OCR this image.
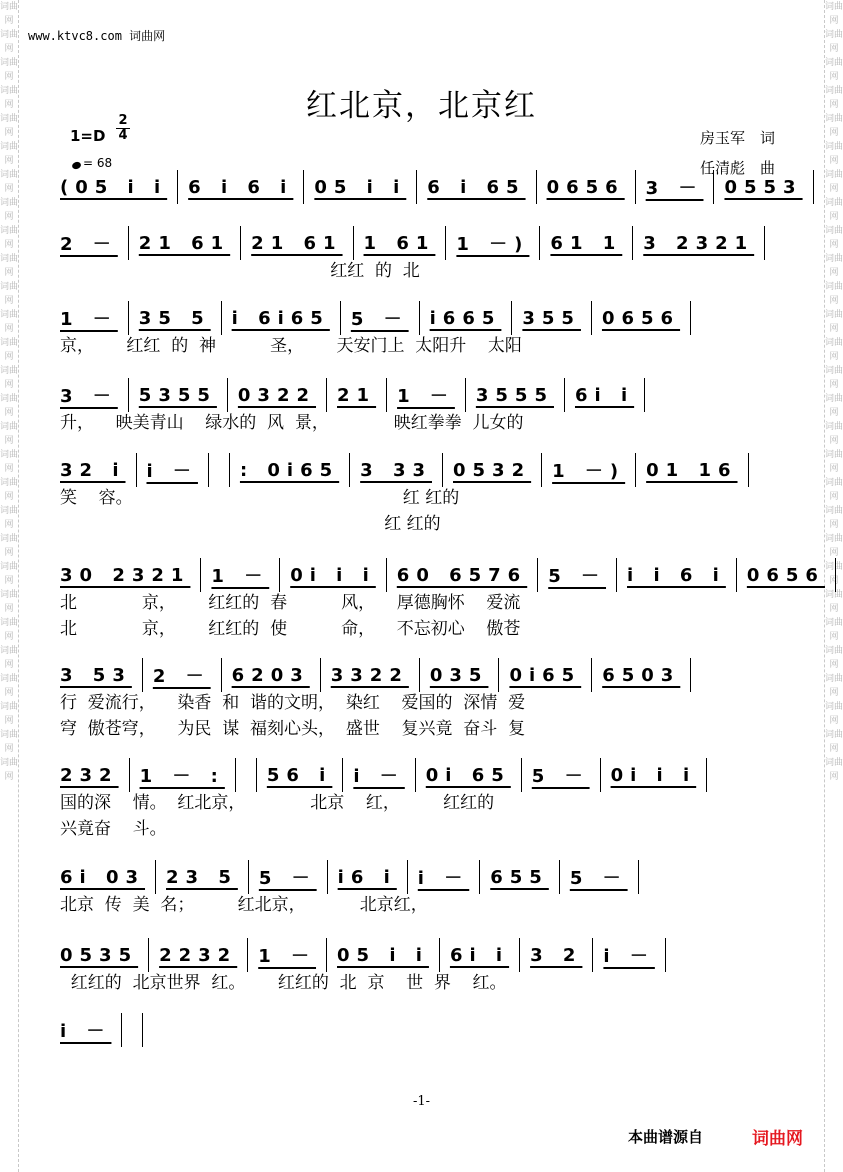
词曲网
词曲网
词曲网
词曲网
词曲网
词曲网
词曲网
词曲网
词曲网
词曲网
词曲网
词曲网
词曲网
词曲网
词曲网
词曲网
词曲网
词曲网
词曲网
词曲网
词曲网
词曲网
词曲网
词曲网
词曲网
词曲网
词曲网
词曲网
词曲网
词曲网
词曲网
词曲网
词曲网
词曲网
词曲网
词曲网
词曲网
词曲网
词曲网
词曲网
词曲网
词曲网
词曲网
词曲网
词曲网
词曲网
词曲网
词曲网
词曲网
词曲网
词曲网
词曲网
词曲网
词曲网
词曲网
词曲网
www.ktvc8.com 词曲网
红北京，北京红
1=D
2
4
= 68
房玉军　词
任清彪　曲
(05 i i 6 i 6 i 05 i i 6 i 65 0656 3 － 0553
2 － 21 61 21 61 1 61 1 －) 61 1 3 2321
红红  的  北
1 － 35 5 i 6i65 5 － i665 355 0656
京，      红红  的  神          圣，      天安门上  太阳升    太阳
3 － 5355 0322 21 1 － 3555 6i i
升，    映美青山    绿水的  风  景，            映红拳拳  儿女的
32 i i － : 0i65 3 33 0532 1 －) 01 16
笑    容。                                                  红 红的
红 红的
30 2321 1 － 0i i i 60 6576 5 － i i 6 i 0656
北            京，      红红的  春          风，    厚德胸怀    爱流
北            京，      红红的  使          命，    不忘初心    傲苍
3 53 2 － 6203 3322 035 0i65 6503
行  爱流行，    染香  和  谐的文明，  染红    爱国的  深情  爱
穹  傲苍穹，    为民  谋  福刻心头，  盛世    复兴竟  奋斗  复
232 1 － : 56 i i － 0i 65 5 － 0i i i
国的深    情。  红北京，            北京    红，        红红的
兴竟奋    斗。
6i 03 23 5 5 － i6 i i － 655 5 －
北京  传  美  名；        红北京，          北京红，
0535 2232 1 － 05 i i 6i i 3 2 i －
红红的  北京世界  红。      红红的  北  京    世  界    红。
i －
-1-
本曲谱源自	词曲网
